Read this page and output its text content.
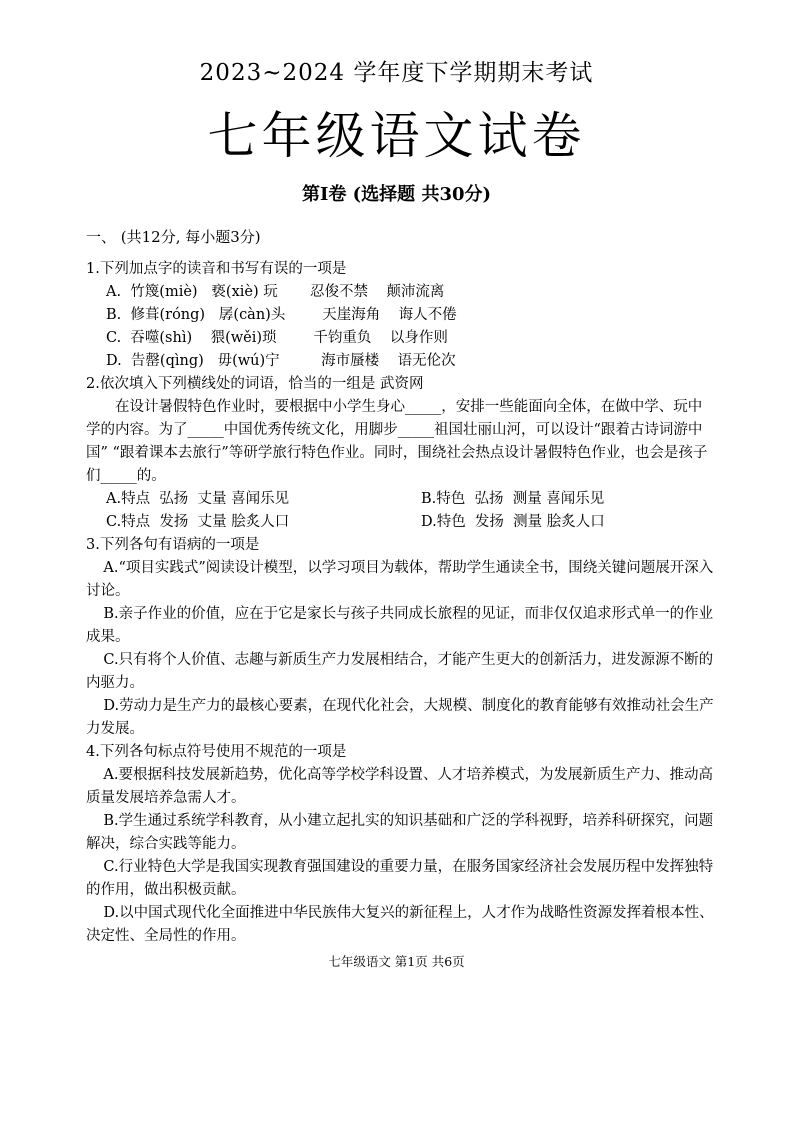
2023~2024 学年度下学期期末考试
七年级语文试卷
第Ⅰ卷 (选择题 共30分)
一、 (共12分, 每小题3分)

1.下列加点字的读音和书写有误的一项是

A.  竹篾(miè)   亵(xiè) 玩       忍俊不禁    颠沛流离
B.  修葺(róng)   孱(càn)头        天崖海角    诲人不倦
C.  吞噬(shì)    猥(wěi)琐        千钧重负    以身作则
D.  告罄(qìng)   毋(wú)宁         海市蜃楼    语无伦次

2.依次填入下列横线处的词语，恰当的一组是 武资网

在设计暑假特色作业时，要根据中小学生身心_____，安排一些能面向全体，在做中学、玩中学的内容。为了_____中国优秀传统文化，用脚步_____祖国壮丽山河，可以设计“跟着古诗词游中国” “跟着课本去旅行”等研学旅行特色作业。同时，围绕社会热点设计暑假特色作业，也会是孩子们_____的。

A.特点  弘扬  丈量 喜闻乐见	B.特色  弘扬  测量 喜闻乐见
C.特点  发扬  丈量 脍炙人口	D.特色  发扬  测量 脍炙人口

3.下列各句有语病的一项是

A.“项目实践式”阅读设计模型，以学习项目为载体，帮助学生通读全书，围绕关键问题展开深入讨论。

B.亲子作业的价值，应在于它是家长与孩子共同成长旅程的见证，而非仅仅追求形式单一的作业成果。

C.只有将个人价值、志趣与新质生产力发展相结合，才能产生更大的创新活力，进发源源不断的内驱力。

D.劳动力是生产力的最核心要素，在现代化社会，大规模、制度化的教育能够有效推动社会生产力发展。

4.下列各句标点符号使用不规范的一项是

A.要根据科技发展新趋势，优化高等学校学科设置、人才培养模式，为发展新质生产力、推动高质量发展培养急需人才。

B.学生通过系统学科教育，从小建立起扎实的知识基础和广泛的学科视野，培养科研探究，问题解决，综合实践等能力。

C.行业特色大学是我国实现教育强国建设的重要力量，在服务国家经济社会发展历程中发挥独特的作用，做出积极贡献。

D.以中国式现代化全面推进中华民族伟大复兴的新征程上，人才作为战略性资源发挥着根本性、决定性、全局性的作用。

七年级语文 第1页 共6页
